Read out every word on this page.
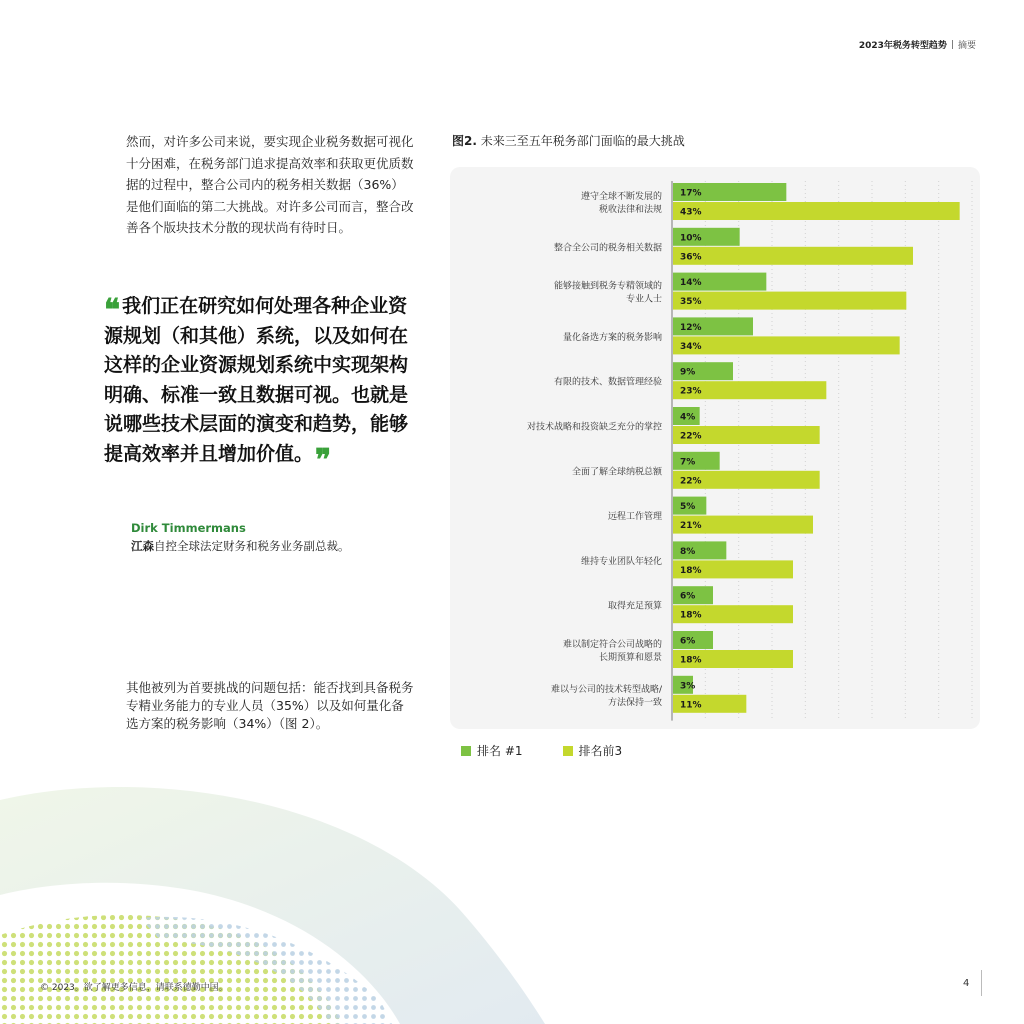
2023年税务转型趋势 | 摘要
然而，对许多公司来说，要实现企业税务数据可视化十分困难，在税务部门追求提高效率和获取更优质数据的过程中，整合公司内的税务相关数据（36%）是他们面临的第二大挑战。对许多公司而言，整合改善各个版块技术分散的现状尚有待时日。
❝ 我们正在研究如何处理各种企业资源规划（和其他）系统，以及如何在这样的企业资源规划系统中实现架构明确、标准一致且数据可视。也就是说哪些技术层面的演变和趋势，能够提高效率并且增加价值。❞
Dirk Timmermans
江森自控全球法定财务和税务业务副总裁。
其他被列为首要挑战的问题包括：能否找到具备税务专精业务能力的专业人员（35%）以及如何量化备选方案的税务影响（34%）（图 2）。
图2. 未来三至五年税务部门面临的最大挑战
遵守全球不断发展的
税收法律和法规
17%
43%
整合全公司的税务相关数据
10%
36%
能够接触到税务专精领域的
专业人士
14%
35%
量化备选方案的税务影响
12%
34%
有限的技术、数据管理经验
9%
23%
对技术战略和投资缺乏充分的掌控
4%
22%
全面了解全球纳税总额
7%
22%
远程工作管理
5%
21%
维持专业团队年轻化
8%
18%
取得充足预算
6%
18%
难以制定符合公司战略的
长期预算和愿景
6%
18%
难以与公司的技术转型战略/
方法保持一致
3%
11%
排名 #1	排名前3
© 2023。欲了解更多信息，请联系德勤中国。	4
